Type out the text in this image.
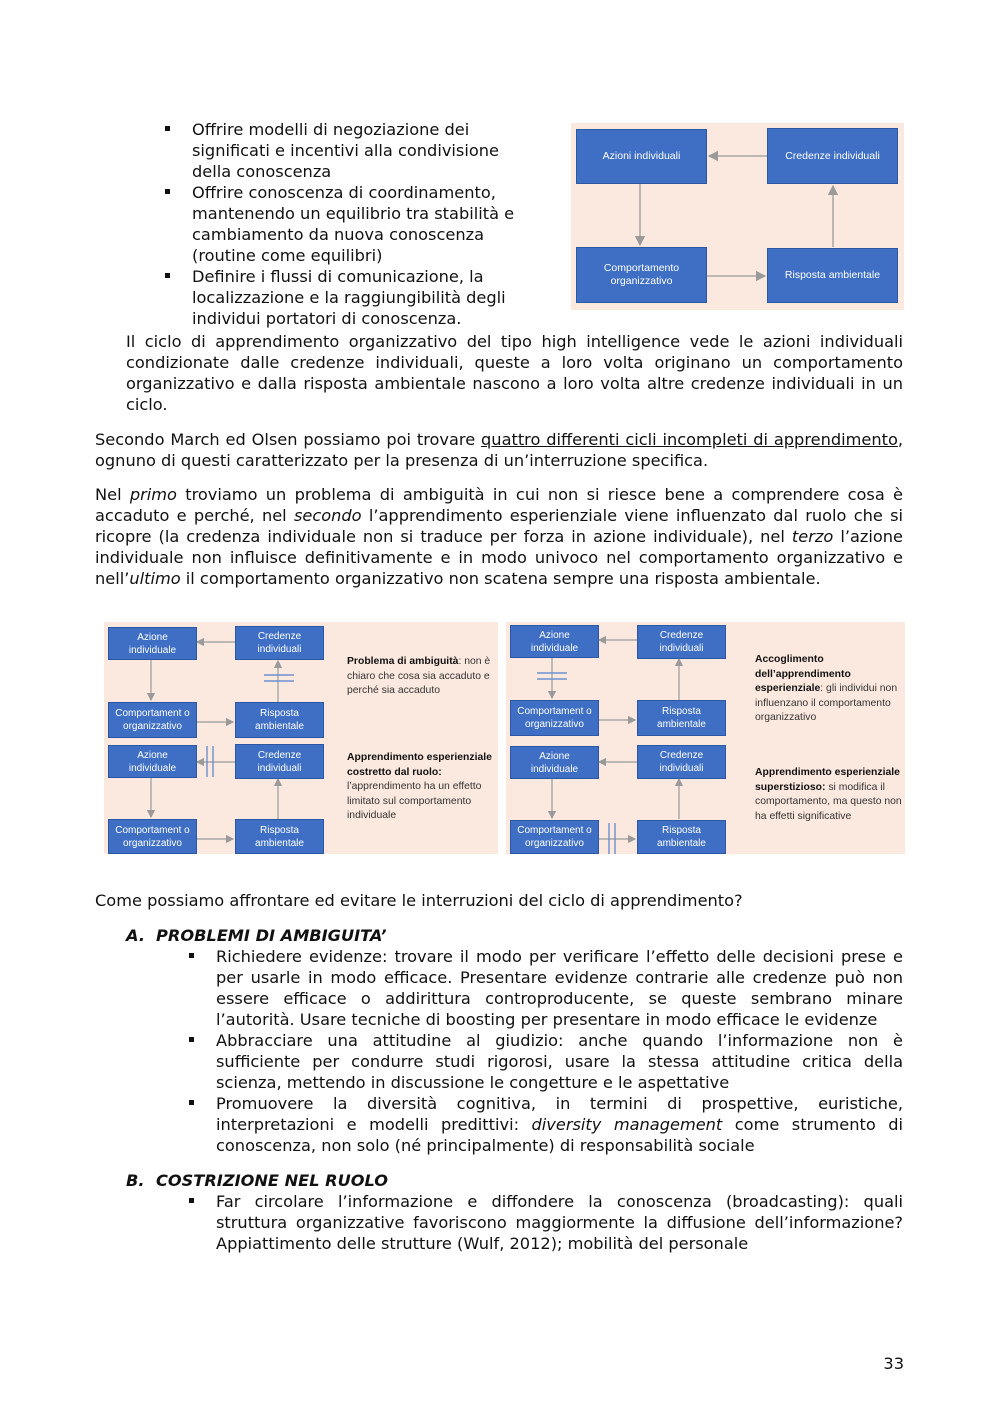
Offrire modelli di negoziazione dei
significati e incentivi alla condivisione
della conoscenza
Offrire conoscenza di coordinamento,
mantenendo un equilibrio tra stabilità e
cambiamento da nuova conoscenza
(routine come equilibri)
Definire i flussi di comunicazione, la
localizzazione e la raggiungibilità degli
individui portatori di conoscenza.
Azioni individuali	Credenze individuali
Comportamento organizzativo	Risposta ambientale

Il ciclo di apprendimento organizzativo del tipo high intelligence vede le azioni individuali condizionate dalle credenze individuali, queste a loro volta originano un comportamento organizzativo e dalla risposta ambientale nascono a loro volta altre credenze individuali in un ciclo.

Secondo March ed Olsen possiamo poi trovare quattro differenti cicli incompleti di apprendimento, ognuno di questi caratterizzato per la presenza di un’interruzione specifica.

Nel primo troviamo un problema di ambiguità in cui non si riesce bene a comprendere cosa è accaduto e perché, nel secondo l’apprendimento esperienziale viene influenzato dal ruolo che si ricopre (la credenza individuale non si traduce per forza in azione individuale), nel terzo l’azione individuale non influisce definitivamente e in modo univoco nel comportamento organizzativo e nell’ultimo il comportamento organizzativo non scatena sempre una risposta ambientale.

Azione individuale
Credenze individuali
Comportament o organizzativo
Risposta ambientale
Problema di ambiguità: non è chiaro che cosa sia accaduto e perché sia accaduto
Azione individuale
Credenze individuali
Comportament o organizzativo
Risposta ambientale
Apprendimento esperienziale costretto dal ruolo: l’apprendimento ha un effetto limitato sul comportamento individuale
Azione individuale
Credenze individuali
Comportament o organizzativo
Risposta ambientale
Accoglimento dell’apprendimento esperienziale: gli individui non influenzano il comportamento organizzativo
Azione individuale
Credenze individuali
Comportament o organizzativo
Risposta ambientale
Apprendimento esperienziale superstizioso: si modifica il comportamento, ma questo non ha effetti significative

Come possiamo affrontare ed evitare le interruzioni del ciclo di apprendimento?

A. PROBLEMI DI AMBIGUITA’
Richiedere evidenze: trovare il modo per verificare l’effetto delle decisioni prese e per usarle in modo efficace. Presentare evidenze contrarie alle credenze può non essere efficace o addirittura controproducente, se queste sembrano minare l’autorità. Usare tecniche di boosting per presentare in modo efficace le evidenze
Abbracciare una attitudine al giudizio: anche quando l’informazione non è sufficiente per condurre studi rigorosi, usare la stessa attitudine critica della scienza, mettendo in discussione le congetture e le aspettative
Promuovere la diversità cognitiva, in termini di prospettive, euristiche, interpretazioni e modelli predittivi: diversity management come strumento di conoscenza, non solo (né principalmente) di responsabilità sociale
B. COSTRIZIONE NEL RUOLO
Far circolare l’informazione e diffondere la conoscenza (broadcasting): quali struttura organizzative favoriscono maggiormente la diffusione dell’informazione? Appiattimento delle strutture (Wulf, 2012); mobilità del personale
33
